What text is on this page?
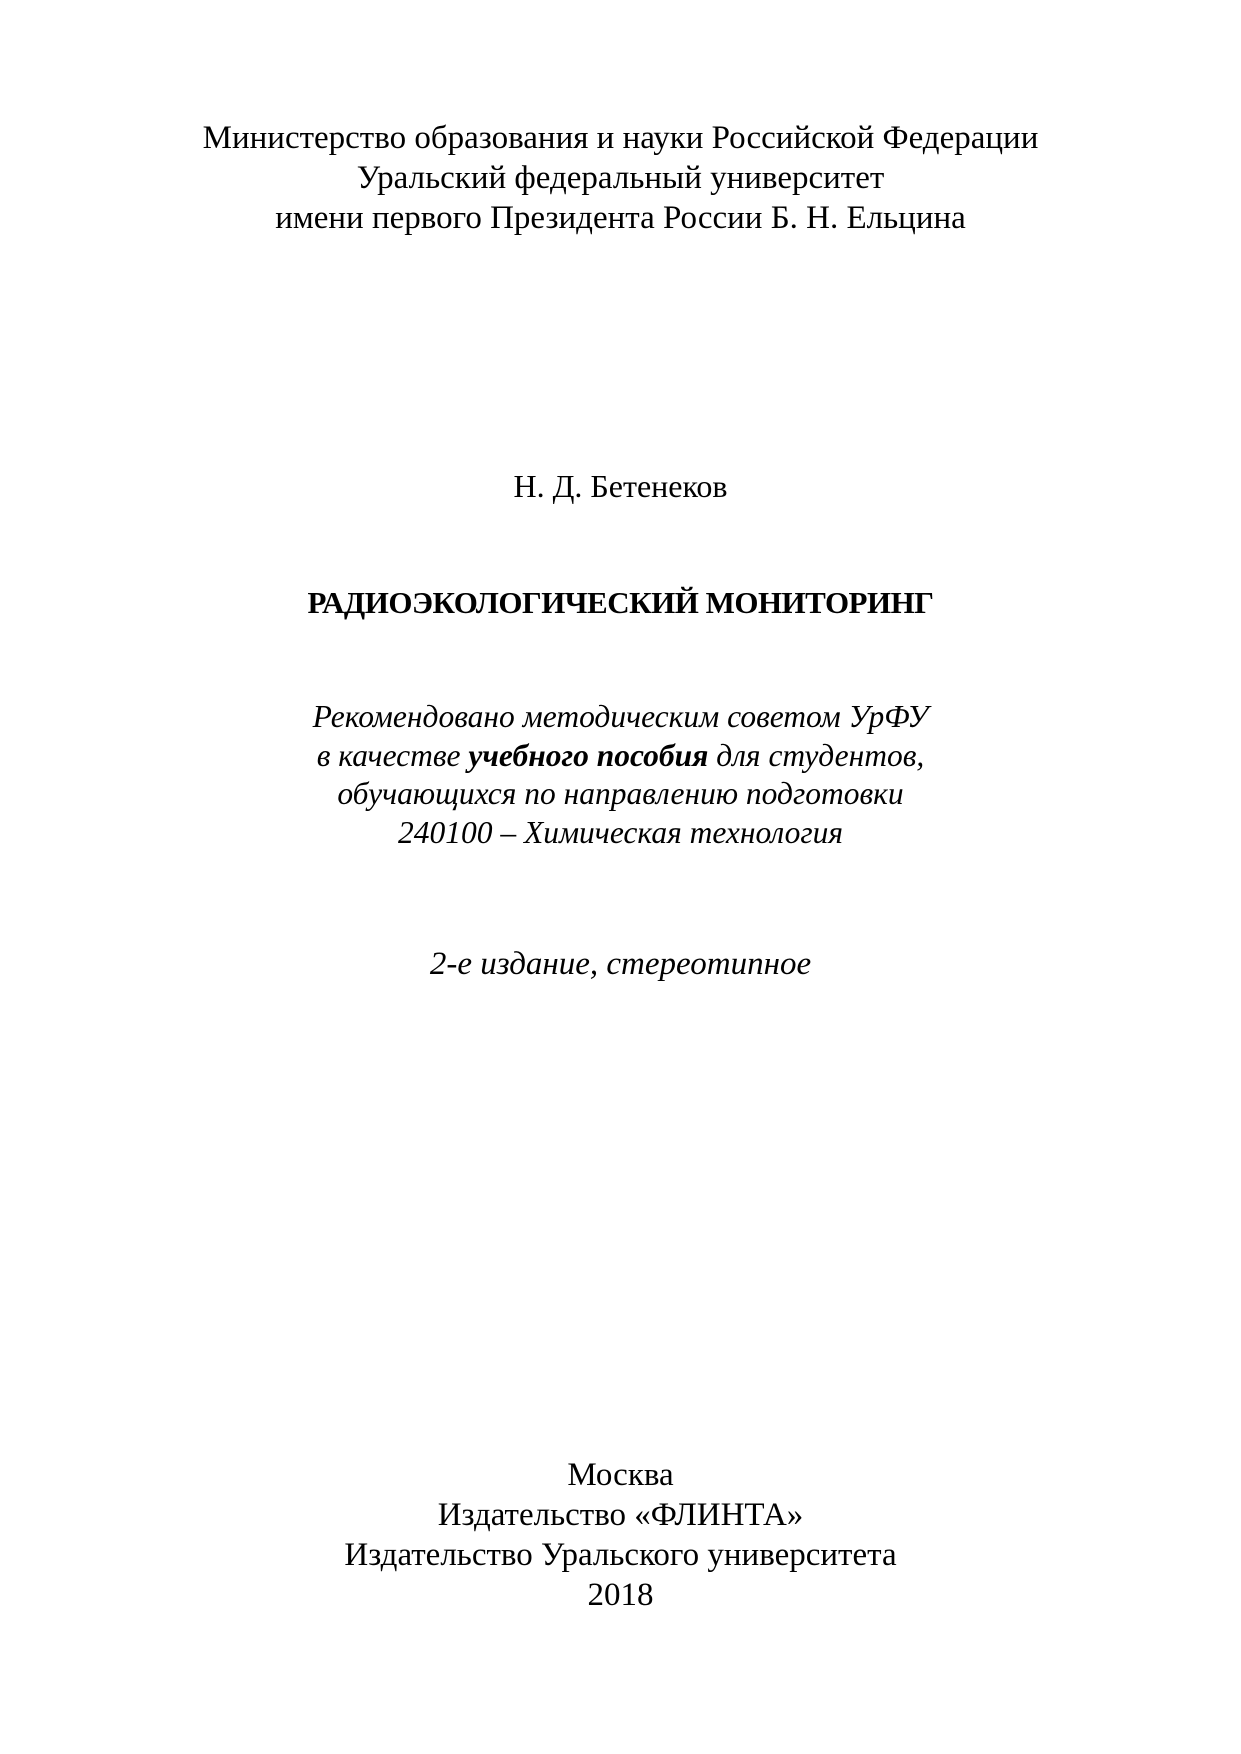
Министерство образования и науки Российской Федерации
Уральский федеральный университет
имени первого Президента России Б. Н. Ельцина
Н. Д. Бетенеков
РАДИОЭКОЛОГИЧЕСКИЙ МОНИТОРИНГ
Рекомендовано методическим советом УрФУ
в качестве учебного пособия для студентов,
обучающихся по направлению подготовки
240100 – Химическая технология
2-е издание, стереотипное
Москва
Издательство «ФЛИНТА»
Издательство Уральского университета
2018
